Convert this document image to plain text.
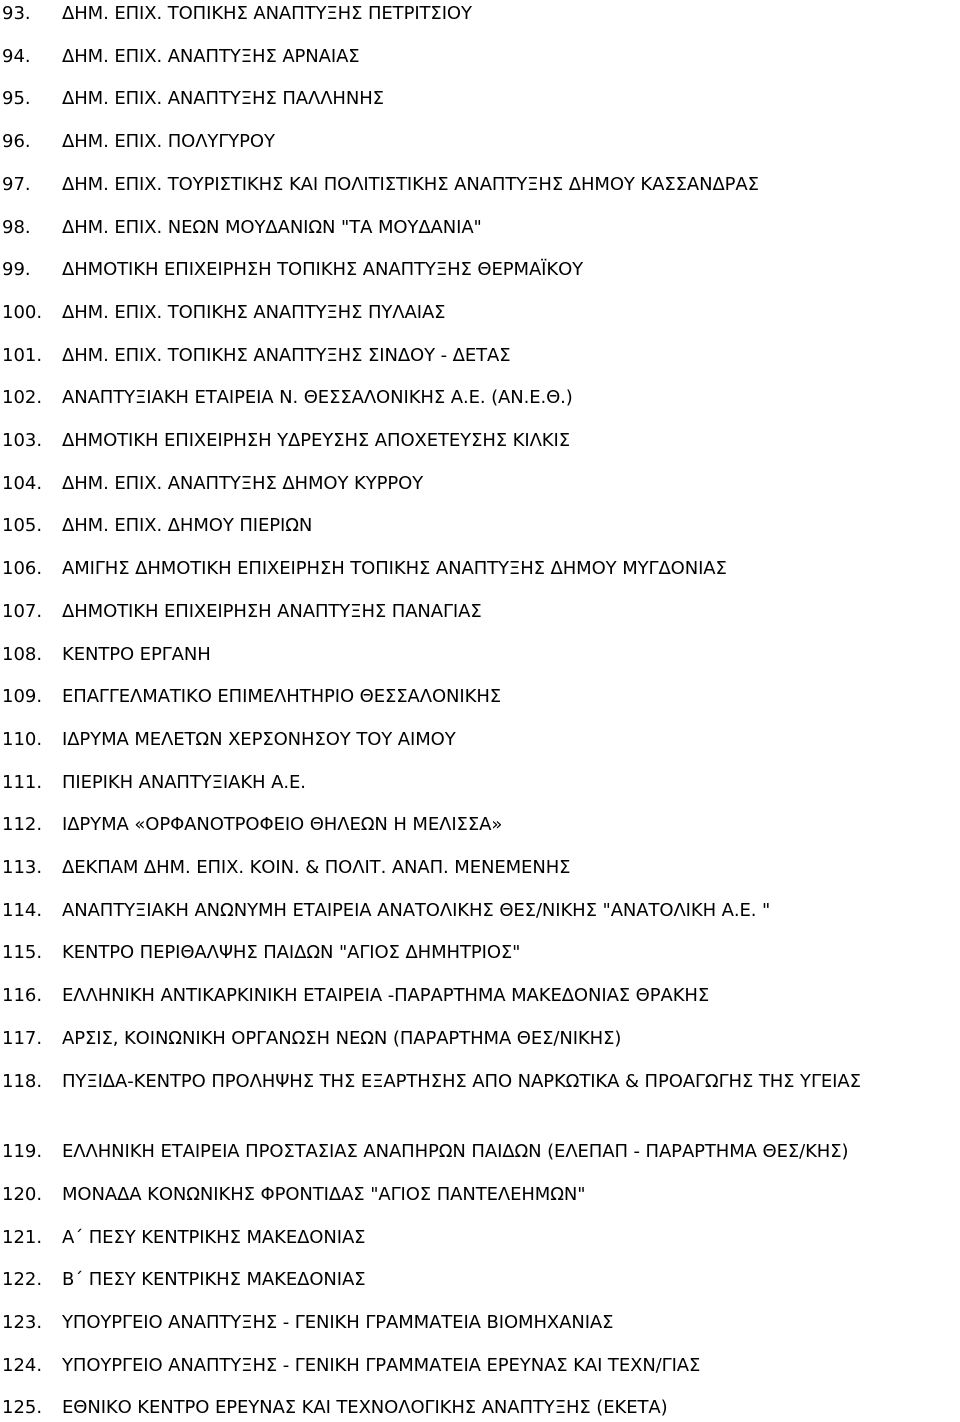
93.	ΔΗΜ. ΕΠΙΧ. ΤΟΠΙΚΗΣ ΑΝΑΠΤΥΞΗΣ ΠΕΤΡΙΤΣΙΟΥ
94.	ΔΗΜ. ΕΠΙΧ. ΑΝΑΠΤΥΞΗΣ ΑΡΝΑΙΑΣ
95.	ΔΗΜ. ΕΠΙΧ. ΑΝΑΠΤΥΞΗΣ ΠΑΛΛΗΝΗΣ
96.	ΔΗΜ. ΕΠΙΧ. ΠΟΛΥΓΥΡΟΥ
97.	ΔΗΜ. ΕΠΙΧ. ΤΟΥΡΙΣΤΙΚΗΣ ΚΑΙ ΠΟΛΙΤΙΣΤΙΚΗΣ ΑΝΑΠΤΥΞΗΣ ΔΗΜΟΥ ΚΑΣΣΑΝΔΡΑΣ
98.	ΔΗΜ. ΕΠΙΧ. ΝΕΩΝ ΜΟΥΔΑΝΙΩΝ "ΤΑ ΜΟΥΔΑΝΙΑ"
99.	ΔΗΜΟΤΙΚΗ ΕΠΙΧΕΙΡΗΣΗ ΤΟΠΙΚΗΣ ΑΝΑΠΤΥΞΗΣ ΘΕΡΜΑΪΚΟΥ
100.	ΔΗΜ. ΕΠΙΧ. ΤΟΠΙΚΗΣ ΑΝΑΠΤΥΞΗΣ ΠΥΛΑΙΑΣ
101.	ΔΗΜ. ΕΠΙΧ. ΤΟΠΙΚΗΣ ΑΝΑΠΤΥΞΗΣ ΣΙΝΔΟΥ - ΔΕΤΑΣ
102.	ΑΝΑΠΤΥΞΙΑΚΗ ΕΤΑΙΡΕΙΑ Ν. ΘΕΣΣΑΛΟΝΙΚΗΣ Α.Ε. (ΑΝ.Ε.Θ.)
103.	ΔΗΜΟΤΙΚΗ ΕΠΙΧΕΙΡΗΣΗ ΥΔΡΕΥΣΗΣ ΑΠΟΧΕΤΕΥΣΗΣ ΚΙΛΚΙΣ
104.	ΔΗΜ. ΕΠΙΧ. ΑΝΑΠΤΥΞΗΣ ΔΗΜΟΥ ΚΥΡΡΟΥ
105.	ΔΗΜ. ΕΠΙΧ. ΔΗΜΟΥ ΠΙΕΡΙΩΝ
106.	ΑΜΙΓΗΣ ΔΗΜΟΤΙΚΗ ΕΠΙΧΕΙΡΗΣΗ ΤΟΠΙΚΗΣ ΑΝΑΠΤΥΞΗΣ ΔΗΜΟΥ ΜΥΓΔΟΝΙΑΣ
107.	ΔΗΜΟΤΙΚΗ ΕΠΙΧΕΙΡΗΣΗ ΑΝΑΠΤΥΞΗΣ ΠΑΝΑΓΙΑΣ
108.	ΚΕΝΤΡΟ ΕΡΓΑΝΗ
109.	ΕΠΑΓΓΕΛΜΑΤΙΚΟ ΕΠΙΜΕΛΗΤΗΡΙΟ ΘΕΣΣΑΛΟΝΙΚΗΣ
110.	ΙΔΡΥΜΑ ΜΕΛΕΤΩΝ ΧΕΡΣΟΝΗΣΟΥ ΤΟΥ ΑΙΜΟΥ
111.	ΠΙΕΡΙΚΗ ΑΝΑΠΤΥΞΙΑΚΗ Α.Ε.
112.	ΙΔΡΥΜΑ «ΟΡΦΑΝΟΤΡΟΦΕΙΟ ΘΗΛΕΩΝ Η ΜΕΛΙΣΣΑ»
113.	ΔΕΚΠΑΜ ΔΗΜ. ΕΠΙΧ. ΚΟΙΝ. & ΠΟΛΙΤ. ΑΝΑΠ. ΜΕΝΕΜΕΝΗΣ
114.	ΑΝΑΠΤΥΞΙΑΚΗ ΑΝΩΝΥΜΗ ΕΤΑΙΡΕΙΑ ΑΝΑΤΟΛΙΚΗΣ ΘΕΣ/ΝΙΚΗΣ "ΑΝΑΤΟΛΙΚΗ Α.Ε. "
115.	ΚΕΝΤΡΟ ΠΕΡΙΘΑΛΨΗΣ ΠΑΙΔΩΝ "ΑΓΙΟΣ ΔΗΜΗΤΡΙΟΣ"
116.	ΕΛΛΗΝΙΚΗ ΑΝΤΙΚΑΡΚΙΝΙΚΗ ΕΤΑΙΡΕΙΑ -ΠΑΡΑΡΤΗΜΑ ΜΑΚΕΔΟΝΙΑΣ ΘΡΑΚΗΣ
117.	ΑΡΣΙΣ, ΚΟΙΝΩΝΙΚΗ ΟΡΓΑΝΩΣΗ ΝΕΩΝ (ΠΑΡΑΡΤΗΜΑ ΘΕΣ/ΝΙΚΗΣ)
118.	ΠΥΞΙΔΑ-ΚΕΝΤΡΟ ΠΡΟΛΗΨΗΣ ΤΗΣ ΕΞΑΡΤΗΣΗΣ ΑΠΟ ΝΑΡΚΩΤΙΚΑ & ΠΡΟΑΓΩΓΗΣ ΤΗΣ ΥΓΕΙΑΣ
119.	ΕΛΛΗΝΙΚΗ ΕΤΑΙΡΕΙΑ ΠΡΟΣΤΑΣΙΑΣ ΑΝΑΠΗΡΩΝ ΠΑΙΔΩΝ (ΕΛΕΠΑΠ - ΠΑΡΑΡΤΗΜΑ ΘΕΣ/ΚΗΣ)
120.	ΜΟΝΑΔΑ ΚΟΝΩΝΙΚΗΣ ΦΡΟΝΤΙΔΑΣ "ΑΓΙΟΣ ΠΑΝΤΕΛΕΗΜΩΝ"
121.	Α΄ ΠΕΣΥ ΚΕΝΤΡΙΚΗΣ ΜΑΚΕΔΟΝΙΑΣ
122.	Β΄ ΠΕΣΥ ΚΕΝΤΡΙΚΗΣ ΜΑΚΕΔΟΝΙΑΣ
123.	ΥΠΟΥΡΓΕΙΟ ΑΝΑΠΤΥΞΗΣ - ΓΕΝΙΚΗ ΓΡΑΜΜΑΤΕΙΑ ΒΙΟΜΗΧΑΝΙΑΣ
124.	ΥΠΟΥΡΓΕΙΟ ΑΝΑΠΤΥΞΗΣ - ΓΕΝΙΚΗ ΓΡΑΜΜΑΤΕΙΑ ΕΡΕΥΝΑΣ ΚΑΙ ΤΕΧΝ/ΓΙΑΣ
125.	ΕΘΝΙΚΟ ΚΕΝΤΡΟ ΕΡΕΥΝΑΣ ΚΑΙ ΤΕΧΝΟΛΟΓΙΚΗΣ ΑΝΑΠΤΥΞΗΣ (ΕΚΕΤΑ)
